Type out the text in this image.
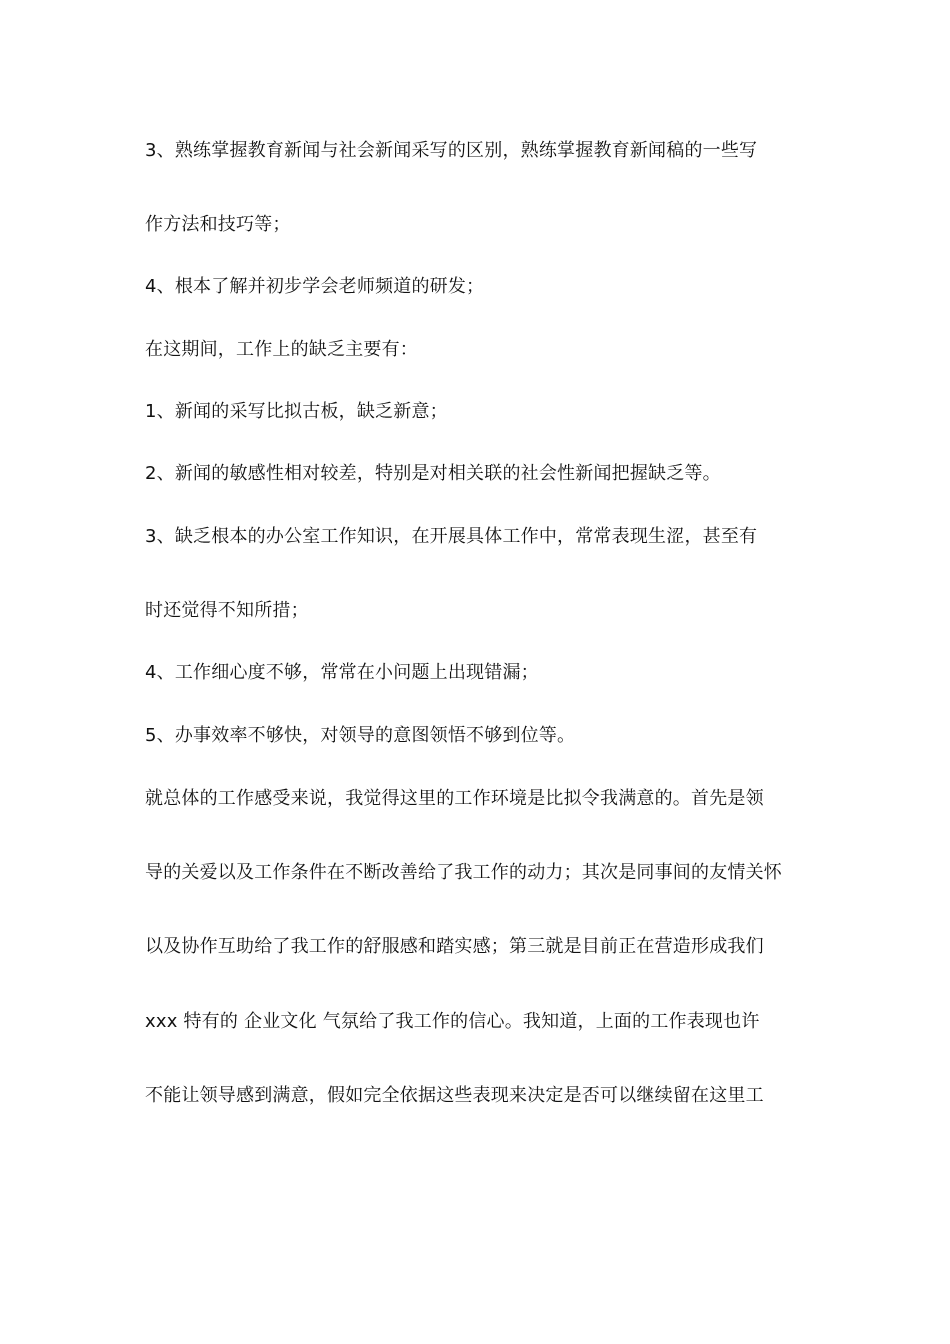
3、熟练掌握教育新闻与社会新闻采写的区别，熟练掌握教育新闻稿的一些写
作方法和技巧等；
4、根本了解并初步学会老师频道的研发；
在这期间，工作上的缺乏主要有：
1、新闻的采写比拟古板，缺乏新意；
2、新闻的敏感性相对较差，特别是对相关联的社会性新闻把握缺乏等。
3、缺乏根本的办公室工作知识，在开展具体工作中，常常表现生涩，甚至有
时还觉得不知所措；
4、工作细心度不够，常常在小问题上出现错漏；
5、办事效率不够快，对领导的意图领悟不够到位等。
就总体的工作感受来说，我觉得这里的工作环境是比拟令我满意的。首先是领
导的关爱以及工作条件在不断改善给了我工作的动力；其次是同事间的友情关怀
以及协作互助给了我工作的舒服感和踏实感；第三就是目前正在营造形成我们
xxx 特有的 企业文化 气氛给了我工作的信心。我知道，上面的工作表现也许
不能让领导感到满意，假如完全依据这些表现来决定是否可以继续留在这里工
